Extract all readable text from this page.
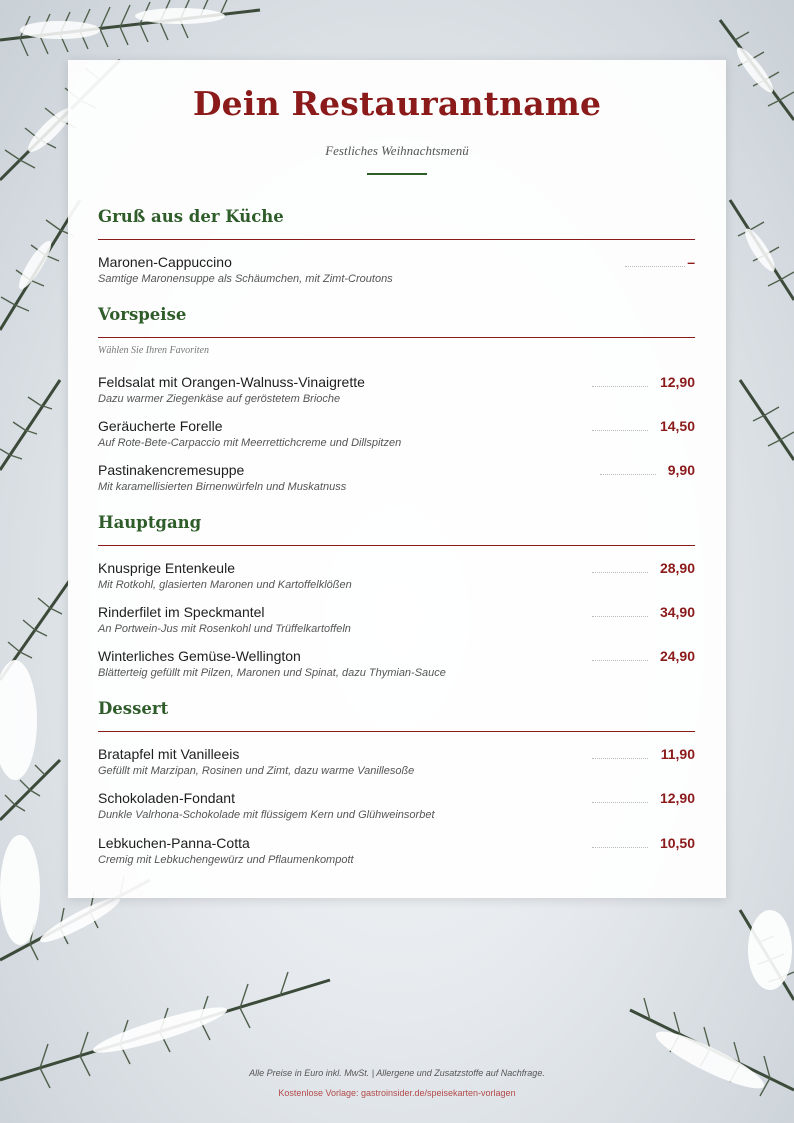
Dein Restaurantname
Festliches Weihnachtsmenü
Gruß aus der Küche
Maronen-Cappuccino	–
Samtige Maronensuppe als Schäumchen, mit Zimt-Croutons
Vorspeise
Wählen Sie Ihren Favoriten
Feldsalat mit Orangen-Walnuss-Vinaigrette	12,90
Dazu warmer Ziegenkäse auf geröstetem Brioche
Geräucherte Forelle	14,50
Auf Rote-Bete-Carpaccio mit Meerrettichcreme und Dillspitzen
Pastinakencremesuppe	9,90
Mit karamellisierten Birnenwürfeln und Muskatnuss
Hauptgang
Knusprige Entenkeule	28,90
Mit Rotkohl, glasierten Maronen und Kartoffelklößen
Rinderfilet im Speckmantel	34,90
An Portwein-Jus mit Rosenkohl und Trüffelkartoffeln
Winterliches Gemüse-Wellington	24,90
Blätterteig gefüllt mit Pilzen, Maronen und Spinat, dazu Thymian-Sauce
Dessert
Bratapfel mit Vanilleeis	11,90
Gefüllt mit Marzipan, Rosinen und Zimt, dazu warme Vanillesoße
Schokoladen-Fondant	12,90
Dunkle Valrhona-Schokolade mit flüssigem Kern und Glühweinsorbet
Lebkuchen-Panna-Cotta	10,50
Cremig mit Lebkuchengewürz und Pflaumenkompott
Alle Preise in Euro inkl. MwSt. | Allergene und Zusatzstoffe auf Nachfrage.
Kostenlose Vorlage: gastroinsider.de/speisekarten-vorlagen
